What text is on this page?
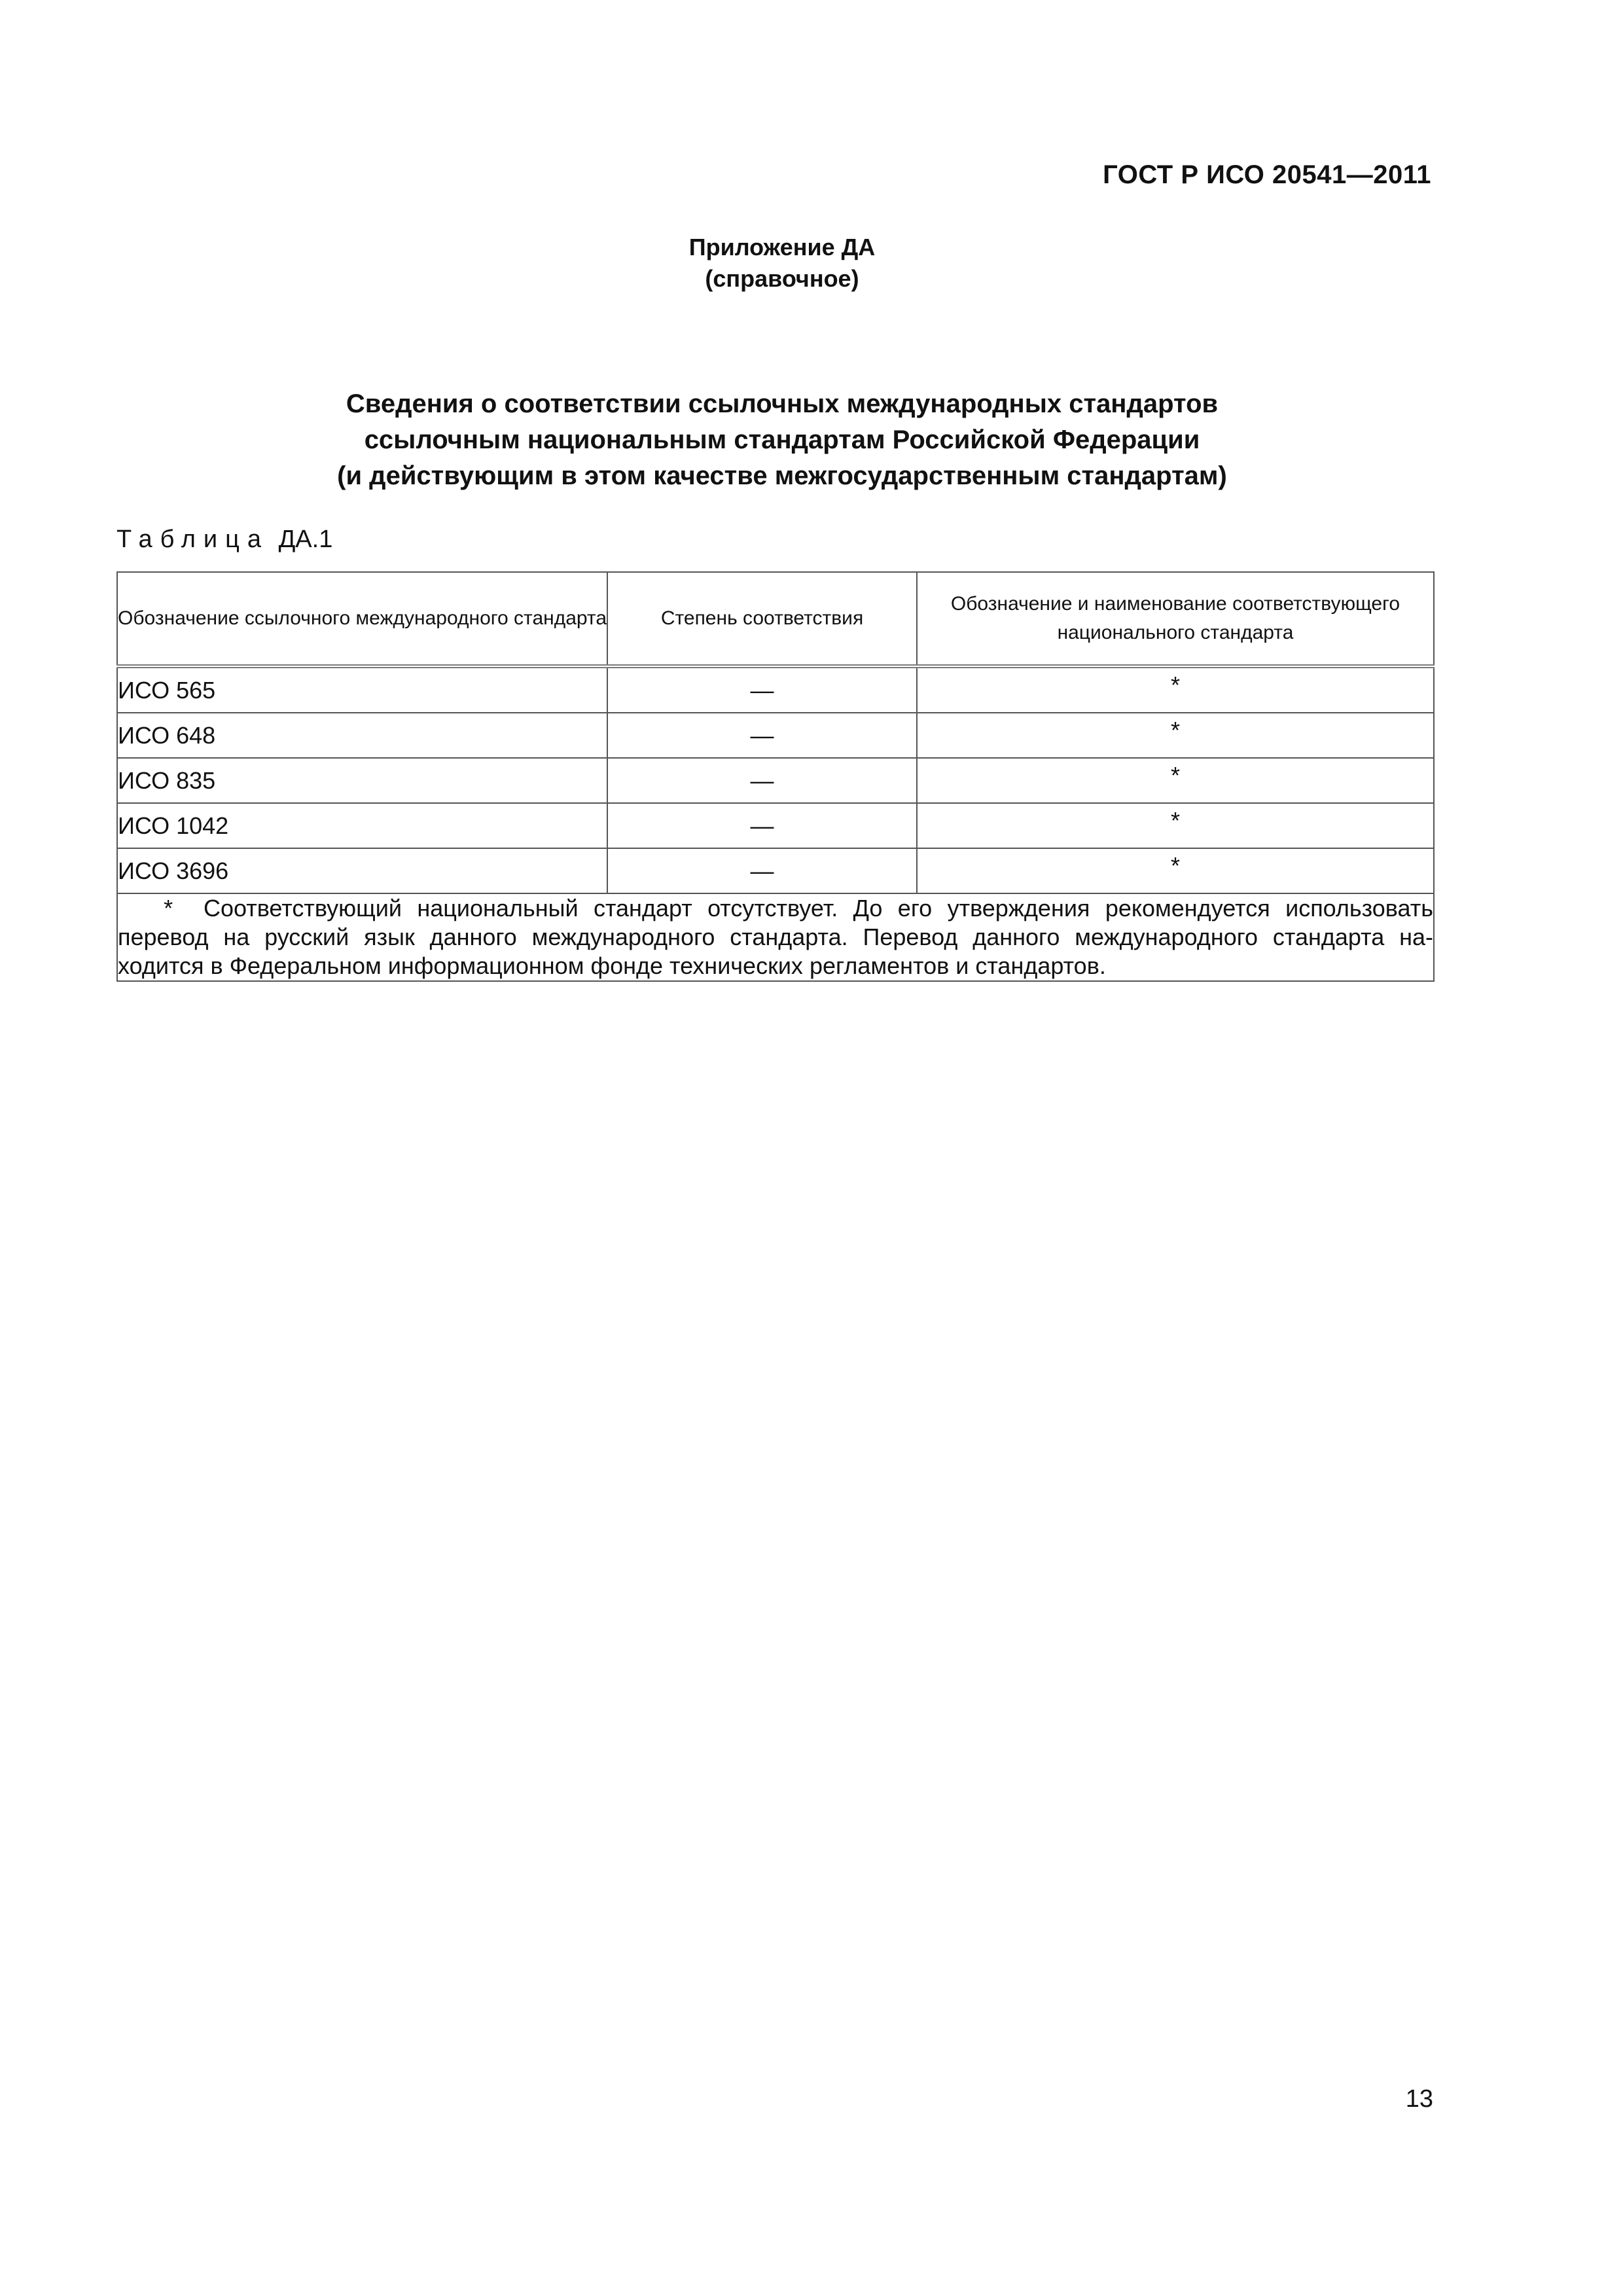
ГОСТ Р ИСО 20541—2011
Приложение ДА
(справочное)
Сведения о соответствии ссылочных международных стандартов
ссылочным национальным стандартам Российской Федерации
(и действующим в этом качестве межгосударственным стандартам)
Таблица ДА.1
Обозначение ссылочного международного стандарта	Степень соответствия	Обозначение и наименование соответствующего национального стандарта
ИСО 565	—	*
ИСО 648	—	*
ИСО 835	—	*
ИСО 1042	—	*
ИСО 3696	—	*

*  Соответствующий национальный стандарт отсутствует. До его утверждения рекомендуется использовать
перевод на русский язык данного международного стандарта. Перевод данного международного стандарта на-
ходится в Федеральном информационном фонде технических регламентов и стандартов.		
13
